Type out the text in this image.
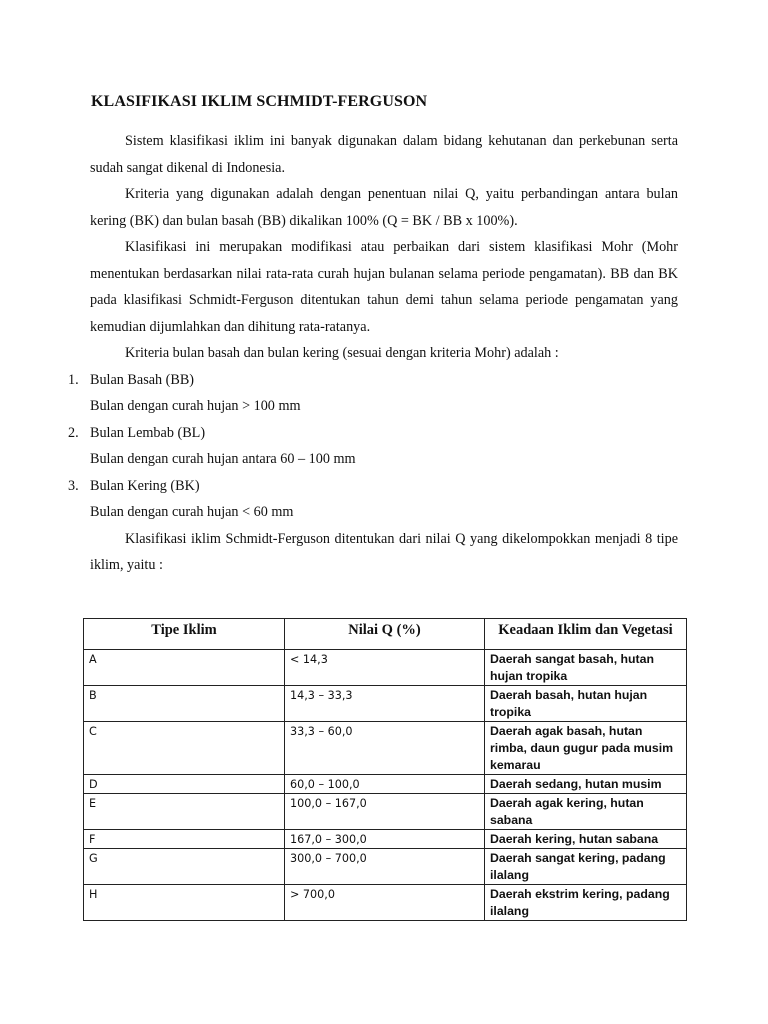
KLASIFIKASI IKLIM SCHMIDT-FERGUSON

Sistem klasifikasi iklim ini banyak digunakan dalam bidang kehutanan dan perkebunan serta sudah sangat dikenal di Indonesia.

Kriteria yang digunakan adalah dengan penentuan nilai Q, yaitu perbandingan antara bulan kering (BK) dan bulan basah (BB) dikalikan 100% (Q = BK / BB x 100%).

Klasifikasi ini merupakan modifikasi atau perbaikan dari sistem klasifikasi Mohr (Mohr menentukan berdasarkan nilai rata-rata curah hujan bulanan selama periode pengamatan). BB dan BK pada klasifikasi Schmidt-Ferguson ditentukan tahun demi tahun selama periode pengamatan yang kemudian dijumlahkan dan dihitung rata-ratanya.

Kriteria bulan basah dan bulan kering (sesuai dengan kriteria Mohr) adalah :

1. Bulan Basah (BB)
Bulan dengan curah hujan > 100 mm
2. Bulan Lembab (BL)
Bulan dengan curah hujan antara 60 – 100 mm
3. Bulan Kering (BK)
Bulan dengan curah hujan < 60 mm

Klasifikasi iklim Schmidt-Ferguson ditentukan dari nilai Q yang dikelompokkan menjadi 8 tipe iklim, yaitu :

Tipe Iklim	Nilai Q (%)	Keadaan Iklim dan Vegetasi
A	< 14,3	Daerah sangat basah, hutan hujan tropika
B	14,3 – 33,3	Daerah basah, hutan hujan tropika
C	33,3 – 60,0	Daerah agak basah, hutan rimba, daun gugur pada musim kemarau
D	60,0 – 100,0	Daerah sedang, hutan musim
E	100,0 – 167,0	Daerah agak kering, hutan sabana
F	167,0 – 300,0	Daerah kering, hutan sabana
G	300,0 – 700,0	Daerah sangat kering, padang ilalang
H	> 700,0	Daerah ekstrim kering, padang ilalang
